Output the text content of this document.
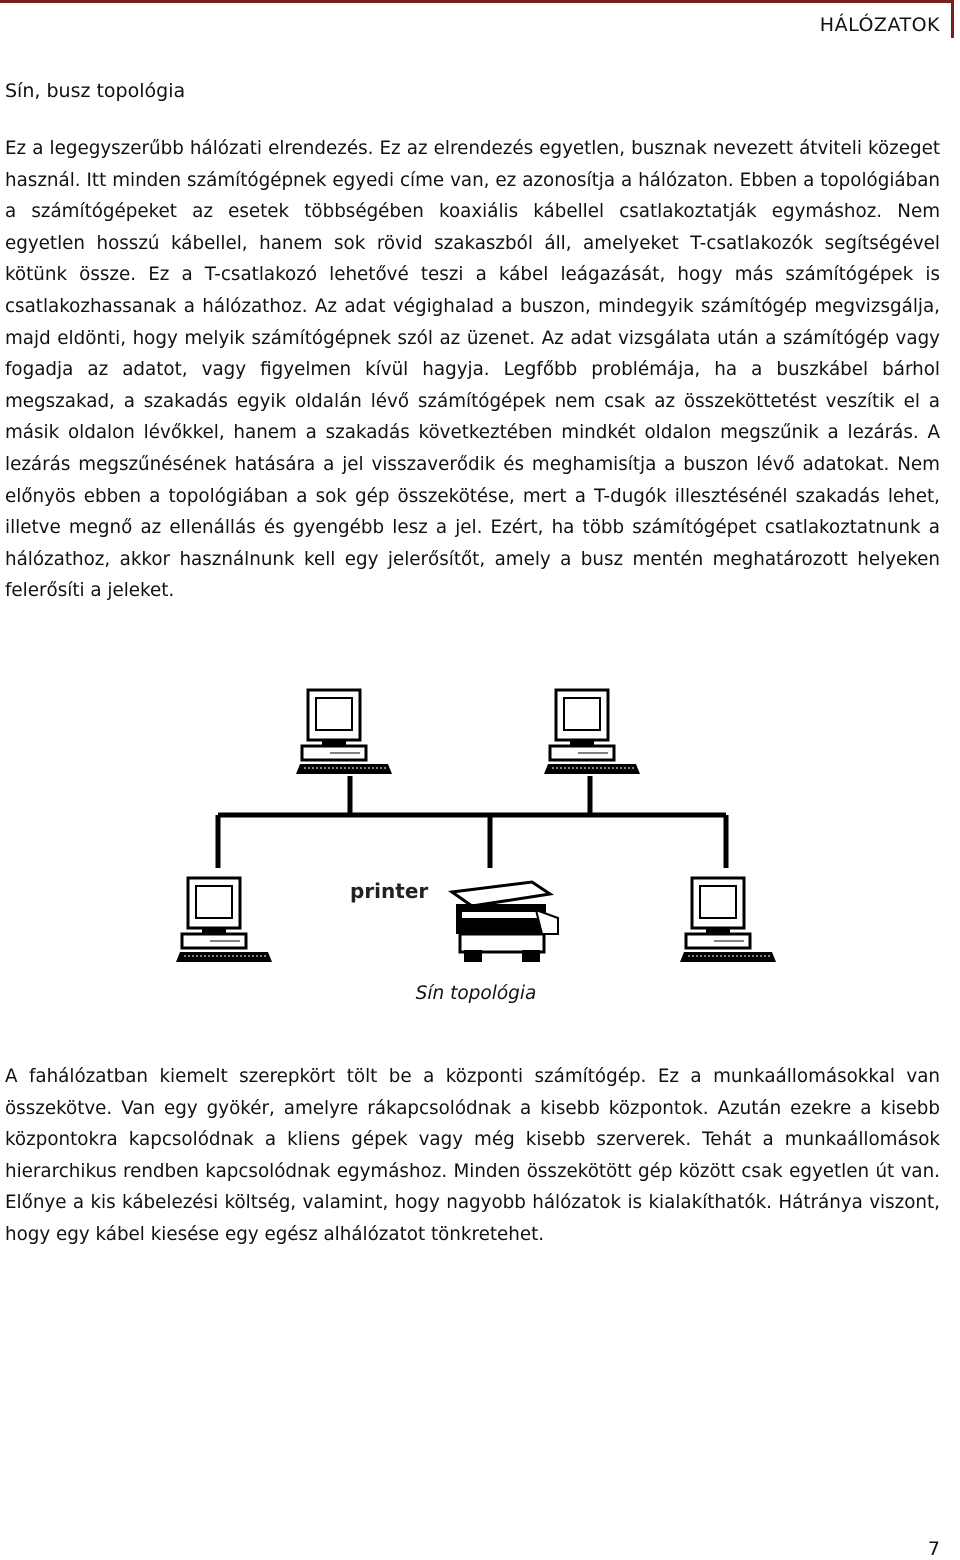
HÁLÓZATOK
Sín, busz topológia

Ez a legegyszerűbb hálózati elrendezés. Ez az elrendezés egyetlen, busznak nevezett átviteli közeget használ. Itt minden számítógépnek egyedi címe van, ez azonosítja a hálózaton. Ebben a topológiában a számítógépeket az esetek többségében koaxiális kábellel csatlakoztatják egymáshoz. Nem egyetlen hosszú kábellel, hanem sok rövid szakaszból áll, amelyeket T-csatlakozók segítségével kötünk össze. Ez a T-csatlakozó lehetővé teszi a kábel leágazását, hogy más számítógépek is csatlakozhassanak a hálózathoz. Az adat végighalad a buszon, mindegyik számítógép megvizsgálja, majd eldönti, hogy melyik számítógépnek szól az üzenet. Az adat vizsgálata után a számítógép vagy fogadja az adatot, vagy figyelmen kívül hagyja. Legfőbb problémája, ha a buszkábel bárhol megszakad, a szakadás egyik oldalán lévő számítógépek nem csak az összeköttetést veszítik el a másik oldalon lévőkkel, hanem a szakadás következtében mindkét oldalon megszűnik a lezárás. A lezárás megszűnésének hatására a jel visszaverődik és meghamisítja a buszon lévő adatokat. Nem előnyös ebben a topológiában a sok gép összekötése, mert a T-dugók illesztésénél szakadás lehet, illetve megnő az ellenállás és gyengébb lesz a jel. Ezért, ha több számítógépet csatlakoztatnunk a hálózathoz, akkor használnunk kell egy jelerősítőt, amely a busz mentén meghatározott helyeken felerősíti a jeleket.

printer
Sín topológia

A fahálózatban kiemelt szerepkört tölt be a központi számítógép. Ez a munkaállomásokkal van összekötve. Van egy gyökér, amelyre rákapcsolódnak a kisebb központok. Azután ezekre a kisebb központokra kapcsolódnak a kliens gépek vagy még kisebb szerverek. Tehát a munkaállomások hierarchikus rendben kapcsolódnak egymáshoz. Minden összekötött gép között csak egyetlen út van. Előnye a kis kábelezési költség, valamint, hogy nagyobb hálózatok is kialakíthatók. Hátránya viszont, hogy egy kábel kiesése egy egész alhálózatot tönkretehet.

7
